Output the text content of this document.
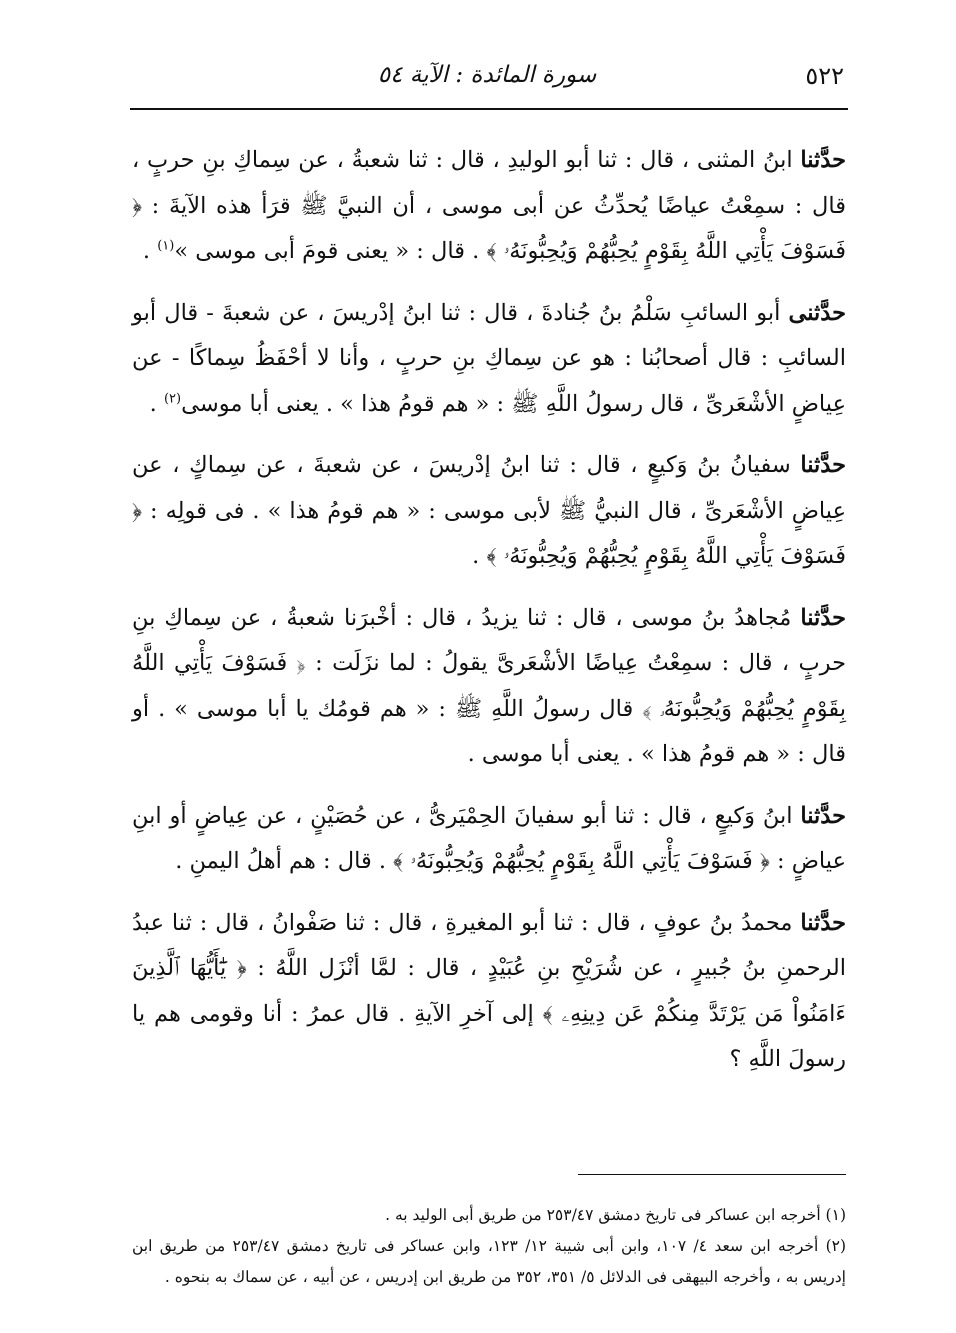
٥٢٢
سورة المائدة : الآية ٥٤

حدَّثنا ابنُ المثنى ، قال : ثنا أبو الوليدِ ، قال : ثنا شعبةُ ، عن سِماكِ بنِ حربٍ ، قال : سمِعْتُ عياضًا يُحدِّثُ عن أبى موسى ، أن النبيَّ ﷺ قرَأ هذه الآيةَ : ﴿ فَسَوْفَ يَأْتِي اللَّهُ بِقَوْمٍ يُحِبُّهُمْ وَيُحِبُّونَهُۥ ﴾ . قال : « يعنى قومَ أبى موسى »$^{(١)}$ .

حدَّثنى أبو السائبِ سَلْمُ بنُ جُنادةَ ، قال : ثنا ابنُ إدْريسَ ، عن شعبةَ - قال أبو السائبِ : قال أصحابُنا : هو عن سِماكِ بنِ حربٍ ، وأنا لا أحْفَظُ سِماكًا - عن عِياضٍ الأشْعَرىِّ ، قال رسولُ اللَّهِ ﷺ : « هم قومُ هذا » . يعنى أبا موسى$^{(٢)}$ .

حدَّثنا سفيانُ بنُ وَكيعٍ ، قال : ثنا ابنُ إدْريسَ ، عن شعبةَ ، عن سِماكٍ ، عن عِياضٍ الأشْعَرىِّ ، قال النبيُّ ﷺ لأبى موسى : « هم قومُ هذا » . فى قولِه : ﴿ فَسَوْفَ يَأْتِي اللَّهُ بِقَوْمٍ يُحِبُّهُمْ وَيُحِبُّونَهُۥ ﴾ .

حدَّثنا مُجاهدُ بنُ موسى ، قال : ثنا يزيدُ ، قال : أخْبرَنا شعبةُ ، عن سِماكِ بنِ حربٍ ، قال : سمِعْتُ عِياضًا الأشْعَرىَّ يقولُ : لما نزَلَت : ﴿ فَسَوْفَ يَأْتِي اللَّهُ بِقَوْمٍ يُحِبُّهُمْ وَيُحِبُّونَهُۥ ﴾ قال رسولُ اللَّهِ ﷺ : « هم قومُك يا أبا موسى » . أو قال : « هم قومُ هذا » . يعنى أبا موسى .

حدَّثنا ابنُ وَكيعٍ ، قال : ثنا أبو سفيانَ الحِمْيَرىُّ ، عن حُصَيْنٍ ، عن عِياضٍ أو ابنِ عياضٍ : ﴿ فَسَوْفَ يَأْتِي اللَّهُ بِقَوْمٍ يُحِبُّهُمْ وَيُحِبُّونَهُۥ ﴾ . قال : هم أهلُ اليمنِ .

حدَّثنا محمدُ بنُ عوفٍ ، قال : ثنا أبو المغيرةِ ، قال : ثنا صَفْوانُ ، قال : ثنا عبدُ الرحمنِ بنُ جُبيرٍ ، عن شُرَيْحِ بنِ عُبَيْدٍ ، قال : لمَّا أنْزَل اللَّهُ : ﴿ يَٰٓأَيُّهَا ٱلَّذِينَ ءَامَنُواْ مَن يَرْتَدَّ مِنكُمْ عَن دِينِهِۦ ﴾ إلى آخرِ الآيةِ . قال عمرُ : أنا وقومى هم يا رسولَ اللَّهِ ؟

(١) أخرجه ابن عساكر فى تاريخ دمشق ٢٥٣/٤٧ من طريق أبى الوليد به .

(٢) أخرجه ابن سعد ٤/ ١٠٧، وابن أبى شيبة ١٢/ ١٢٣، وابن عساكر فى تاريخ دمشق ٢٥٣/٤٧ من طريق ابن إدريس به ، وأخرجه البيهقى فى الدلائل ٥/ ٣٥١، ٣٥٢ من طريق ابن إدريس ، عن أبيه ، عن سماك به بنحوه .
